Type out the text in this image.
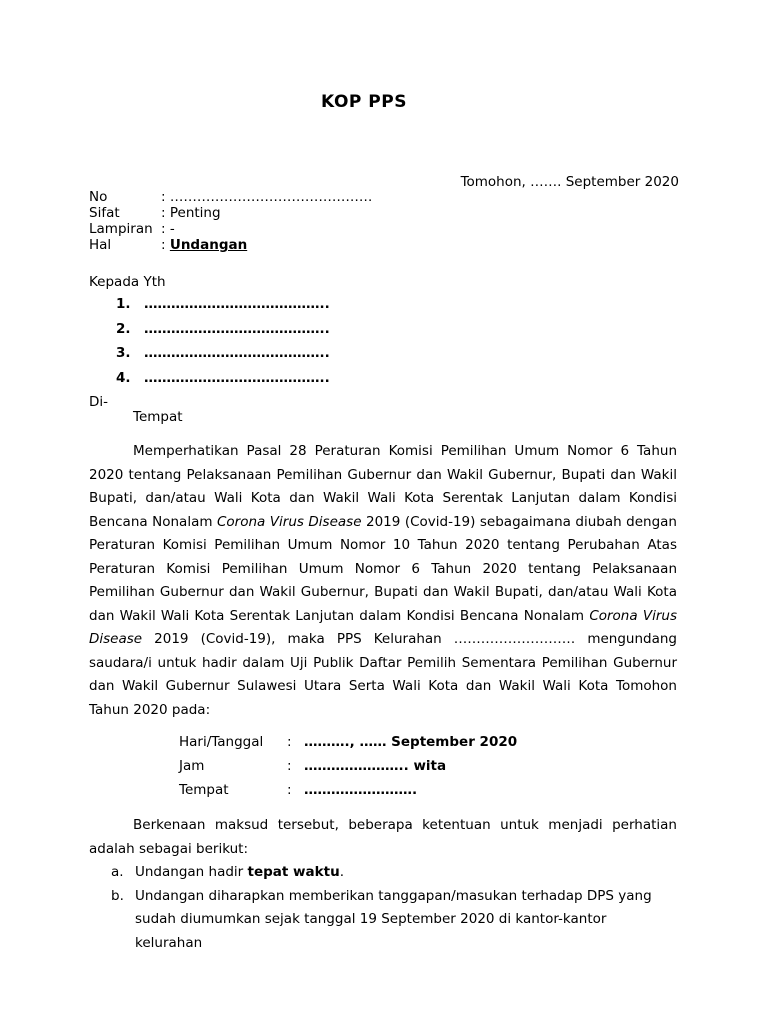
KOP PPS
Tomohon, ……. September 2020
No	:
………………………………………
Sifat	:
Penting
Lampiran :
-
Hal	:
Undangan
Kepada Yth
1. …………………………………..
2. …………………………………..
3. …………………………………..
4. …………………………………..
Di-
Tempat

Memperhatikan Pasal 28 Peraturan Komisi Pemilihan Umum Nomor 6 Tahun 2020 tentang Pelaksanaan Pemilihan Gubernur dan Wakil Gubernur, Bupati dan Wakil Bupati, dan/atau Wali Kota dan Wakil Wali Kota Serentak Lanjutan dalam Kondisi Bencana Nonalam Corona Virus Disease 2019 (Covid-19) sebagaimana diubah dengan Peraturan Komisi Pemilihan Umum Nomor 10 Tahun 2020 tentang Perubahan Atas Peraturan Komisi Pemilihan Umum Nomor 6 Tahun 2020 tentang Pelaksanaan Pemilihan Gubernur dan Wakil Gubernur, Bupati dan Wakil Bupati, dan/atau Wali Kota dan Wakil Wali Kota Serentak Lanjutan dalam Kondisi Bencana Nonalam Corona Virus Disease 2019 (Covid-19), maka PPS Kelurahan ……………………… mengundang saudara/i untuk hadir dalam Uji Publik Daftar Pemilih Sementara Pemilihan Gubernur dan Wakil Gubernur Sulawesi Utara Serta Wali Kota dan Wakil Wali Kota Tomohon Tahun 2020 pada:

Hari/Tanggal	: ………., …… September 2020
Jam	: ………………….. wita
Tempat	: …………………….

Berkenaan maksud tersebut, beberapa ketentuan untuk menjadi perhatian adalah sebagai berikut:

a. Undangan hadir tepat waktu.
b. Undangan diharapkan memberikan tanggapan/masukan terhadap DPS yang sudah diumumkan sejak tanggal 19 September 2020 di kantor-kantor kelurahan
